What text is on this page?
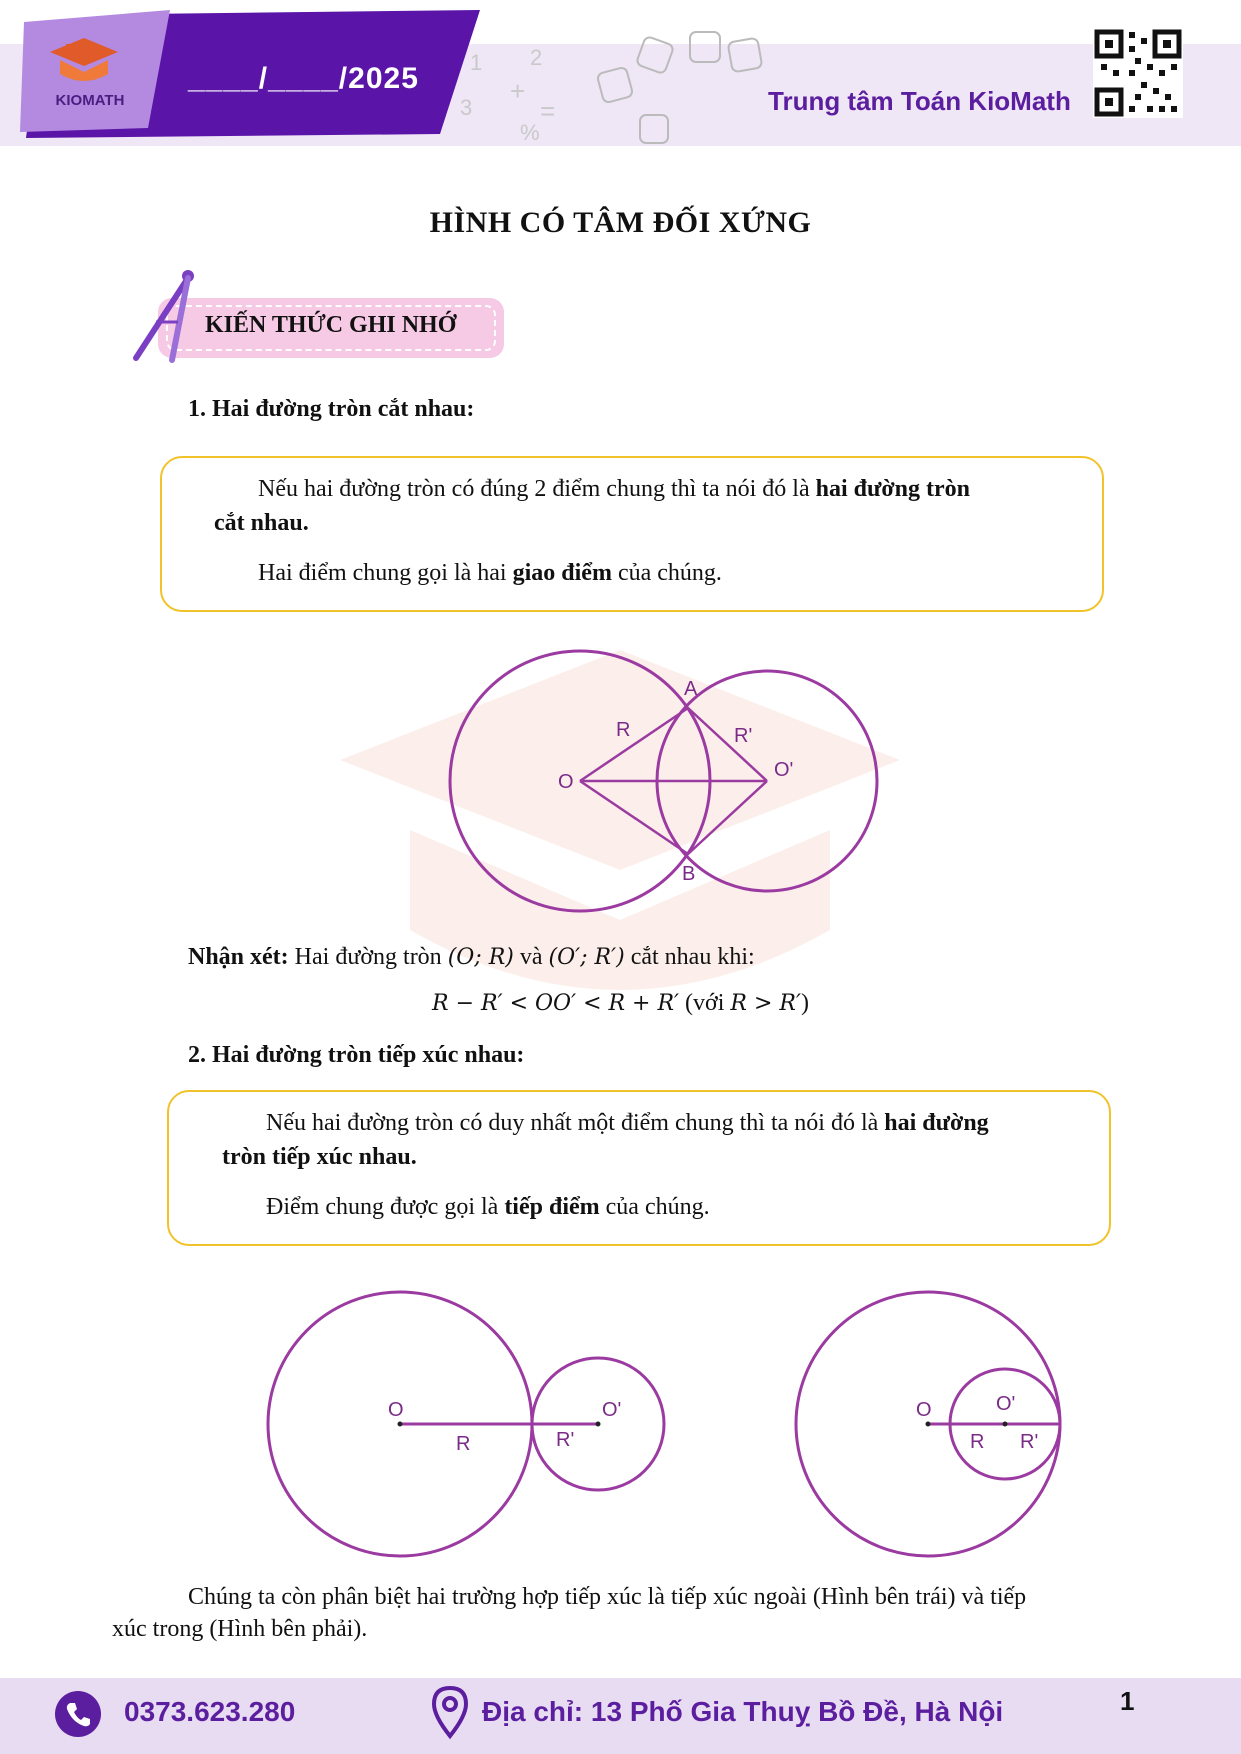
KIOMATH
____/____/2025 1 2
3
+
=
%
Trung tâm Toán KioMath
HÌNH CÓ TÂM ĐỐI XỨNG
KIẾN THỨC GHI NHỚ
1. Hai đường tròn cắt nhau:
Nếu hai đường tròn có đúng 2 điểm chung thì ta nói đó là hai đường tròn
cắt nhau.
Hai điểm chung gọi là hai giao điểm của chúng.
A
B
O
O'
R	R'
Nhận xét: Hai đường tròn (O; R) và (O′; R′) cắt nhau khi:
R − R′ < OO′ < R + R′ (với R > R′)
2. Hai đường tròn tiếp xúc nhau:
Nếu hai đường tròn có duy nhất một điểm chung thì ta nói đó là hai đường
tròn tiếp xúc nhau.
Điểm chung được gọi là tiếp điểm của chúng.
O	O'
R	R'
O	O'
R R'
Chúng ta còn phân biệt hai trường hợp tiếp xúc là tiếp xúc ngoài (Hình bên trái) và tiếp
xúc trong (Hình bên phải).
0373.623.280	Địa chỉ: 13 Phố Gia Thuỵ Bồ Đề, Hà Nội	1
